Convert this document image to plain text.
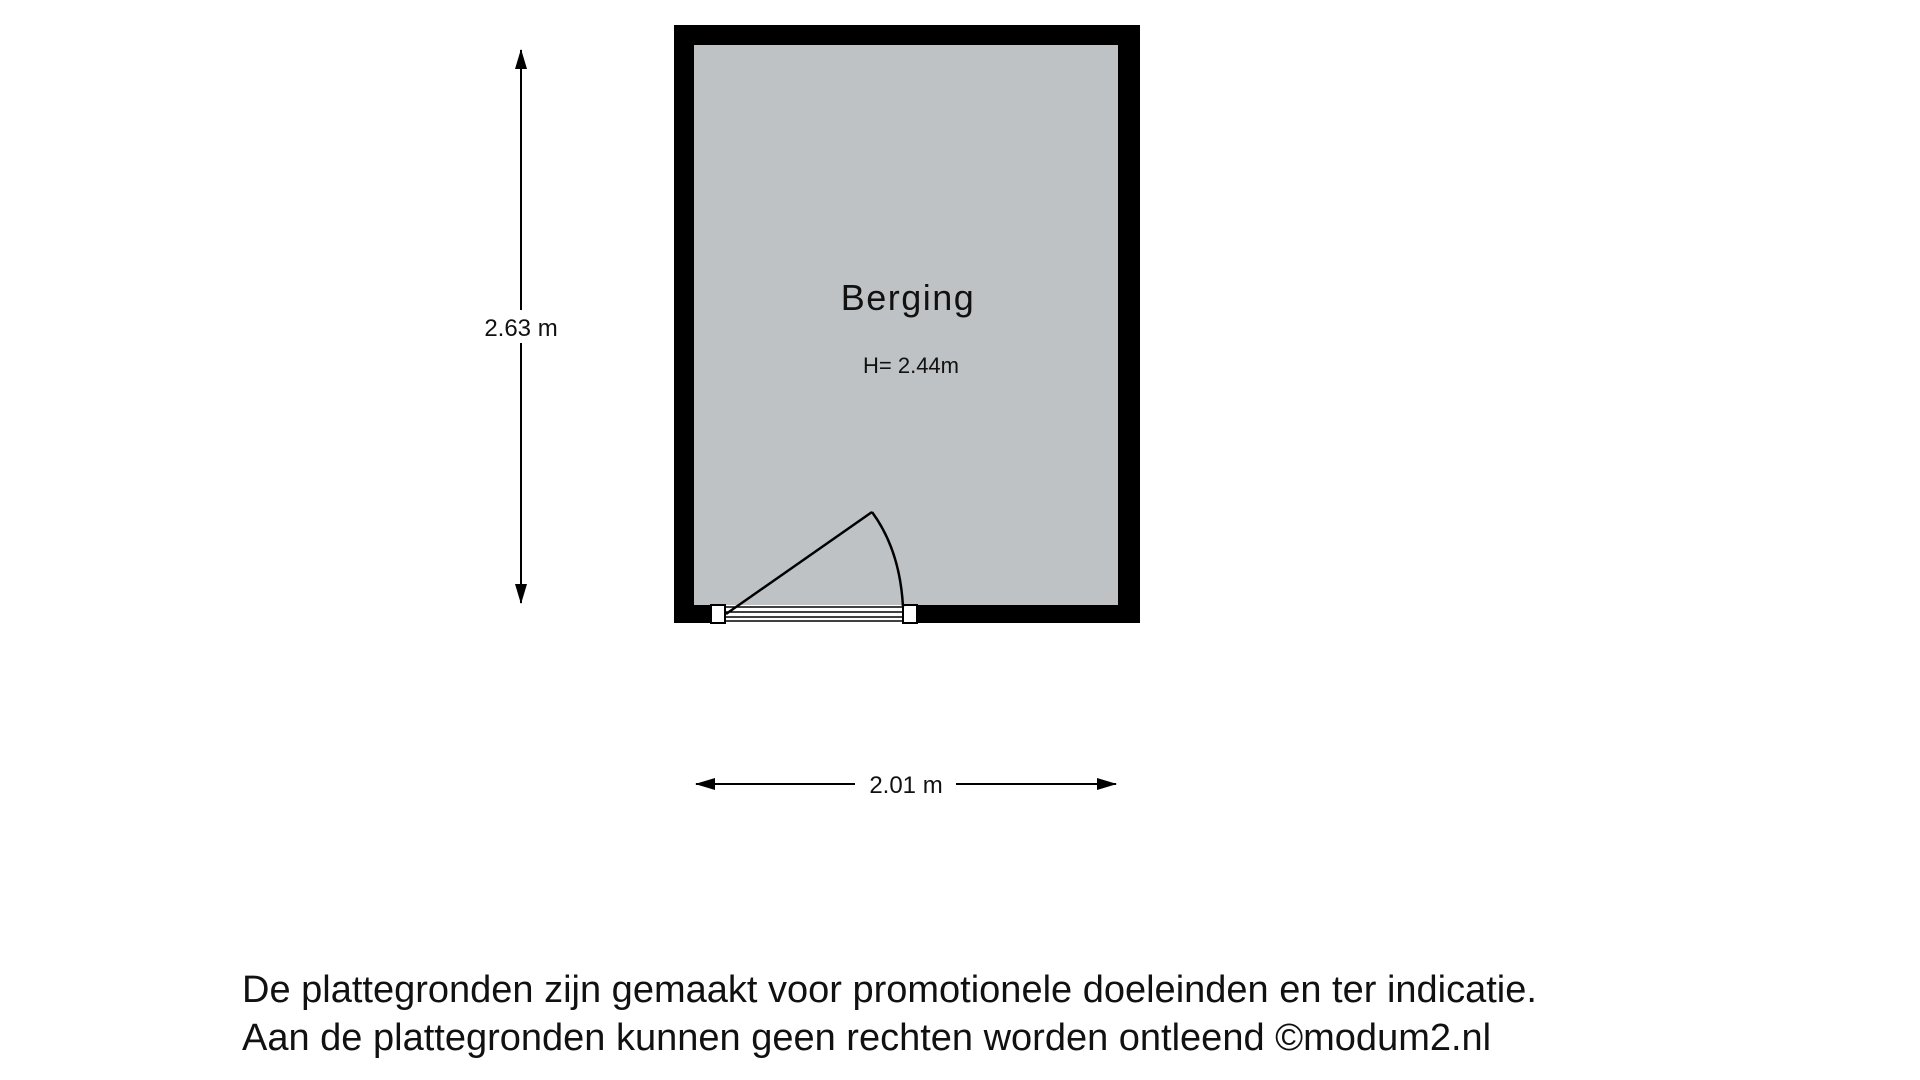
Berging
H= 2.44m
2.63 m
2.01 m
De plattegronden zijn gemaakt voor promotionele doeleinden en ter indicatie.
Aan de plattegronden kunnen geen rechten worden ontleend ©modum2.nl
